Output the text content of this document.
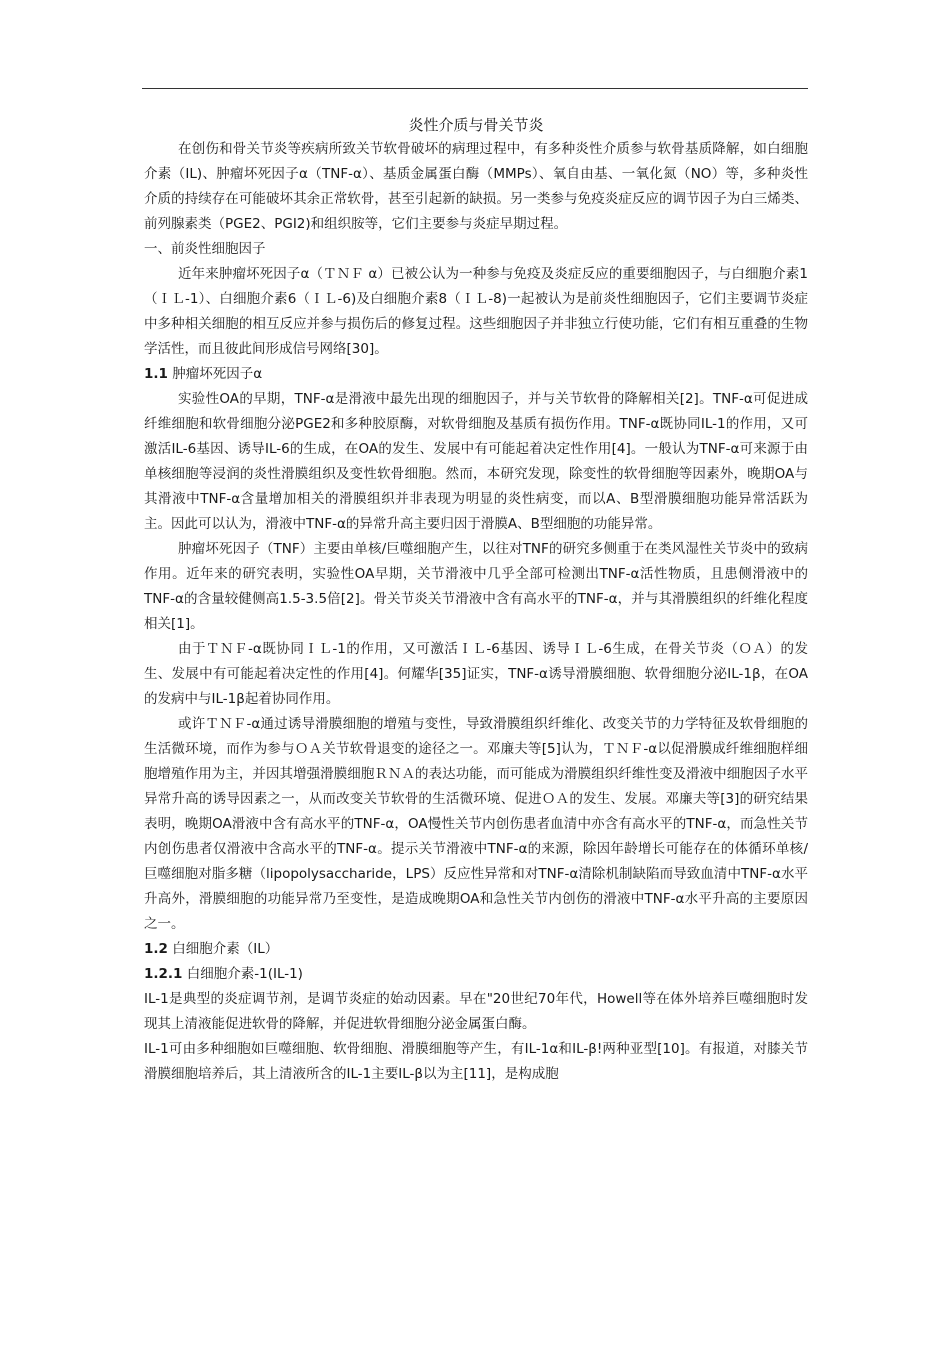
炎性介质与骨关节炎

在创伤和骨关节炎等疾病所致关节软骨破坏的病理过程中，有多种炎性介质参与软骨基质降解，如白细胞介素（IL)、肿瘤坏死因子α（TNF-α）、基质金属蛋白酶（MMPs）、氧自由基、一氧化氮（NO）等，多种炎性介质的持续存在可能破坏其余正常软骨，甚至引起新的缺损。另一类参与免疫炎症反应的调节因子为白三烯类、前列腺素类（PGE2、PGI2)和组织胺等，它们主要参与炎症早期过程。

一、前炎性细胞因子

近年来肿瘤坏死因子α（ＴＮＦ α）已被公认为一种参与免疫及炎症反应的重要细胞因子，与白细胞介素1（ＩＬ-1）、白细胞介素6（ＩＬ-6)及白细胞介素8（ＩＬ-8)一起被认为是前炎性细胞因子，它们主要调节炎症中多种相关细胞的相互反应并参与损伤后的修复过程。这些细胞因子并非独立行使功能，它们有相互重叠的生物学活性，而且彼此间形成信号网络[30]。

1.1 肿瘤坏死因子α

实验性OA的早期，TNF-α是滑液中最先出现的细胞因子，并与关节软骨的降解相关[2]。TNF-α可促进成纤维细胞和软骨细胞分泌PGE2和多种胶原酶，对软骨细胞及基质有损伤作用。TNF-α既协同IL-1的作用，又可激活IL-6基因、诱导IL-6的生成，在OA的发生、发展中有可能起着决定性作用[4]。一般认为TNF-α可来源于由单核细胞等浸润的炎性滑膜组织及变性软骨细胞。然而，本研究发现，除变性的软骨细胞等因素外，晚期OA与其滑液中TNF-α含量增加相关的滑膜组织并非表现为明显的炎性病变，而以A、B型滑膜细胞功能异常活跃为主。因此可以认为，滑液中TNF-α的异常升高主要归因于滑膜A、B型细胞的功能异常。

肿瘤坏死因子（TNF）主要由单核/巨噬细胞产生，以往对TNF的研究多侧重于在类风湿性关节炎中的致病作用。近年来的研究表明，实验性OA早期，关节滑液中几乎全部可检测出TNF-α活性物质，且患侧滑液中的TNF-α的含量较健侧高1.5-3.5倍[2]。骨关节炎关节滑液中含有高水平的TNF-α，并与其滑膜组织的纤维化程度相关[1]。

由于ＴＮＦ-α既协同ＩＬ-1的作用，又可激活ＩＬ-6基因、诱导ＩＬ-6生成，在骨关节炎（ＯＡ）的发生、发展中有可能起着决定性的作用[4]。何耀华[35]证实，TNF-α诱导滑膜细胞、软骨细胞分泌IL-1β，在OA的发病中与IL-1β起着协同作用。

或许ＴＮＦ-α通过诱导滑膜细胞的增殖与变性，导致滑膜组织纤维化、改变关节的力学特征及软骨细胞的生活微环境，而作为参与ＯＡ关节软骨退变的途径之一。邓廉夫等[5]认为，ＴＮＦ-α以促滑膜成纤维细胞样细胞增殖作用为主，并因其增强滑膜细胞ＲＮＡ的表达功能，而可能成为滑膜组织纤维性变及滑液中细胞因子水平异常升高的诱导因素之一，从而改变关节软骨的生活微环境、促进ＯＡ的发生、发展。邓廉夫等[3]的研究结果表明，晚期OA滑液中含有高水平的TNF-α，OA慢性关节内创伤患者血清中亦含有高水平的TNF-α，而急性关节内创伤患者仅滑液中含高水平的TNF-α。提示关节滑液中TNF-α的来源，除因年龄增长可能存在的体循环单核/巨噬细胞对脂多糖（lipopolysaccharide，LPS）反应性异常和对TNF-α清除机制缺陷而导致血清中TNF-α水平升高外，滑膜细胞的功能异常乃至变性，是造成晚期OA和急性关节内创伤的滑液中TNF-α水平升高的主要原因之一。

1.2 白细胞介素（IL）

1.2.1 白细胞介素-1(IL-1)

IL-1是典型的炎症调节剂，是调节炎症的始动因素。早在"20世纪70年代，Howell等在体外培养巨噬细胞时发现其上清液能促进软骨的降解，并促进软骨细胞分泌金属蛋白酶。

IL-1可由多种细胞如巨噬细胞、软骨细胞、滑膜细胞等产生，有IL-1α和IL-β!两种亚型[10]。有报道，对膝关节滑膜细胞培养后，其上清液所含的IL-1主要IL-β以为主[11]，是构成胞
